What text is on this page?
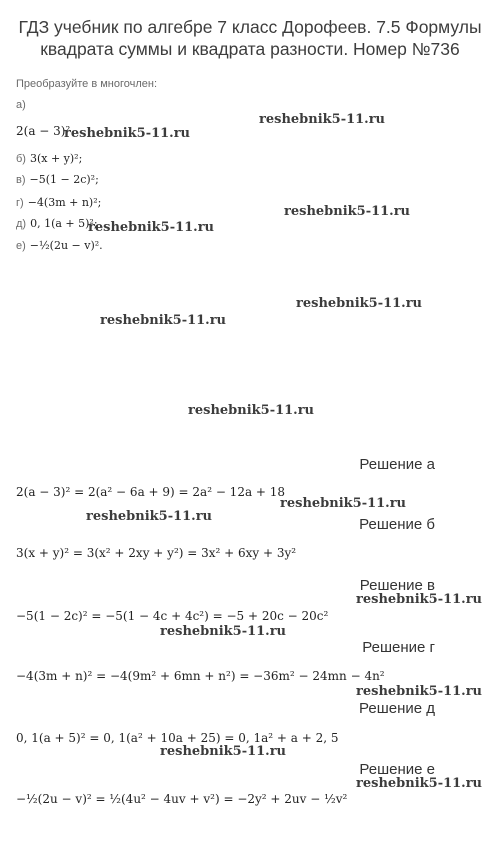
ГДЗ учебник по алгебре 7 класс Дорофеев. 7.5 Формулы квадрата суммы и квадрата разности. Номер №736
Преобразуйте в многочлен:
а)
2(a − 3)²
б) 3(x + y)²;
в) −5(1 − 2c)²;
г) −4(3m + n)²;
д) 0, 1(a + 5)²;
е) −½(2u − v)².
reshebnik5-11.ru
reshebnik5-11.ru
reshebnik5-11.ru
reshebnik5-11.ru
reshebnik5-11.ru
reshebnik5-11.ru
reshebnik5-11.ru
Решение а
2(a − 3)² = 2(a² − 6a + 9) = 2a² − 12a + 18
reshebnik5-11.ru
reshebnik5-11.ru	Решение б
3(x + y)² = 3(x² + 2xy + y²) = 3x² + 6xy + 3y²
Решение в
reshebnik5-11.ru
−5(1 − 2c)² = −5(1 − 4c + 4c²) = −5 + 20c − 20c²
reshebnik5-11.ru
Решение г
−4(3m + n)² = −4(9m² + 6mn + n²) = −36m² − 24mn − 4n²
reshebnik5-11.ru
Решение д
0, 1(a + 5)² = 0, 1(a² + 10a + 25) = 0, 1a² + a + 2, 5
reshebnik5-11.ru
Решение е
reshebnik5-11.ru
−½(2u − v)² = ½(4u² − 4uv + v²) = −2y² + 2uv − ½v²
